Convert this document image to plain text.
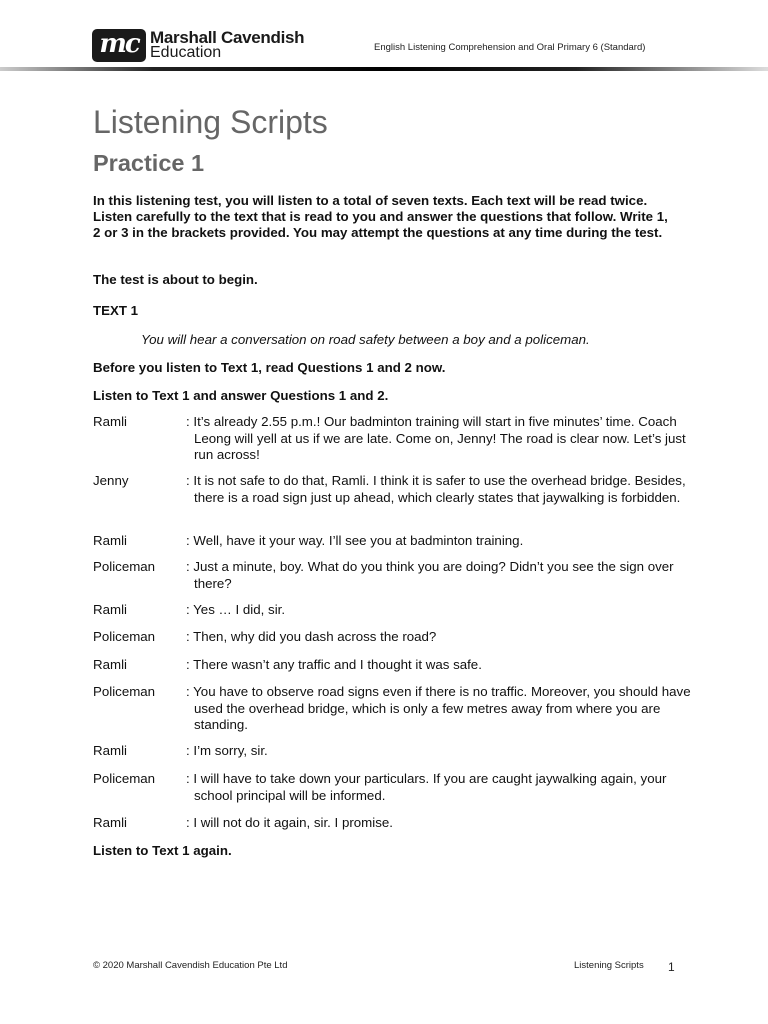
mc Marshall Cavendish
Education	English Listening Comprehension and Oral Primary 6 (Standard)
Listening Scripts
Practice 1
In this listening test, you will listen to a total of seven texts. Each text will be read twice. Listen carefully to the text that is read to you and answer the questions that follow. Write 1, 2 or 3 in the brackets provided. You may attempt the questions at any time during the test.
The test is about to begin.
TEXT 1
You will hear a conversation on road safety between a boy and a policeman.
Before you listen to Text 1, read Questions 1 and 2 now.
Listen to Text 1 and answer Questions 1 and 2.
Ramli	: It’s already 2.55 p.m.! Our badminton training will start in five minutes’ time. Coach Leong will yell at us if we are late. Come on, Jenny! The road is clear now. Let’s just run across!
Jenny	: It is not safe to do that, Ramli. I think it is safer to use the overhead bridge. Besides, there is a road sign just up ahead, which clearly states that jaywalking is forbidden.
Ramli	: Well, have it your way. I’ll see you at badminton training.
Policeman : Just a minute, boy. What do you think you are doing? Didn’t you see the sign over there?
Ramli	: Yes … I did, sir.
Policeman : Then, why did you dash across the road?
Ramli	: There wasn’t any traffic and I thought it was safe.
Policeman : You have to observe road signs even if there is no traffic. Moreover, you should have used the overhead bridge, which is only a few metres away from where you are standing.
Ramli	: I’m sorry, sir.
Policeman : I will have to take down your particulars. If you are caught jaywalking again, your school principal will be informed.
Ramli	: I will not do it again, sir. I promise.
Listen to Text 1 again.
© 2020 Marshall Cavendish Education Pte Ltd	Listening Scripts 1
